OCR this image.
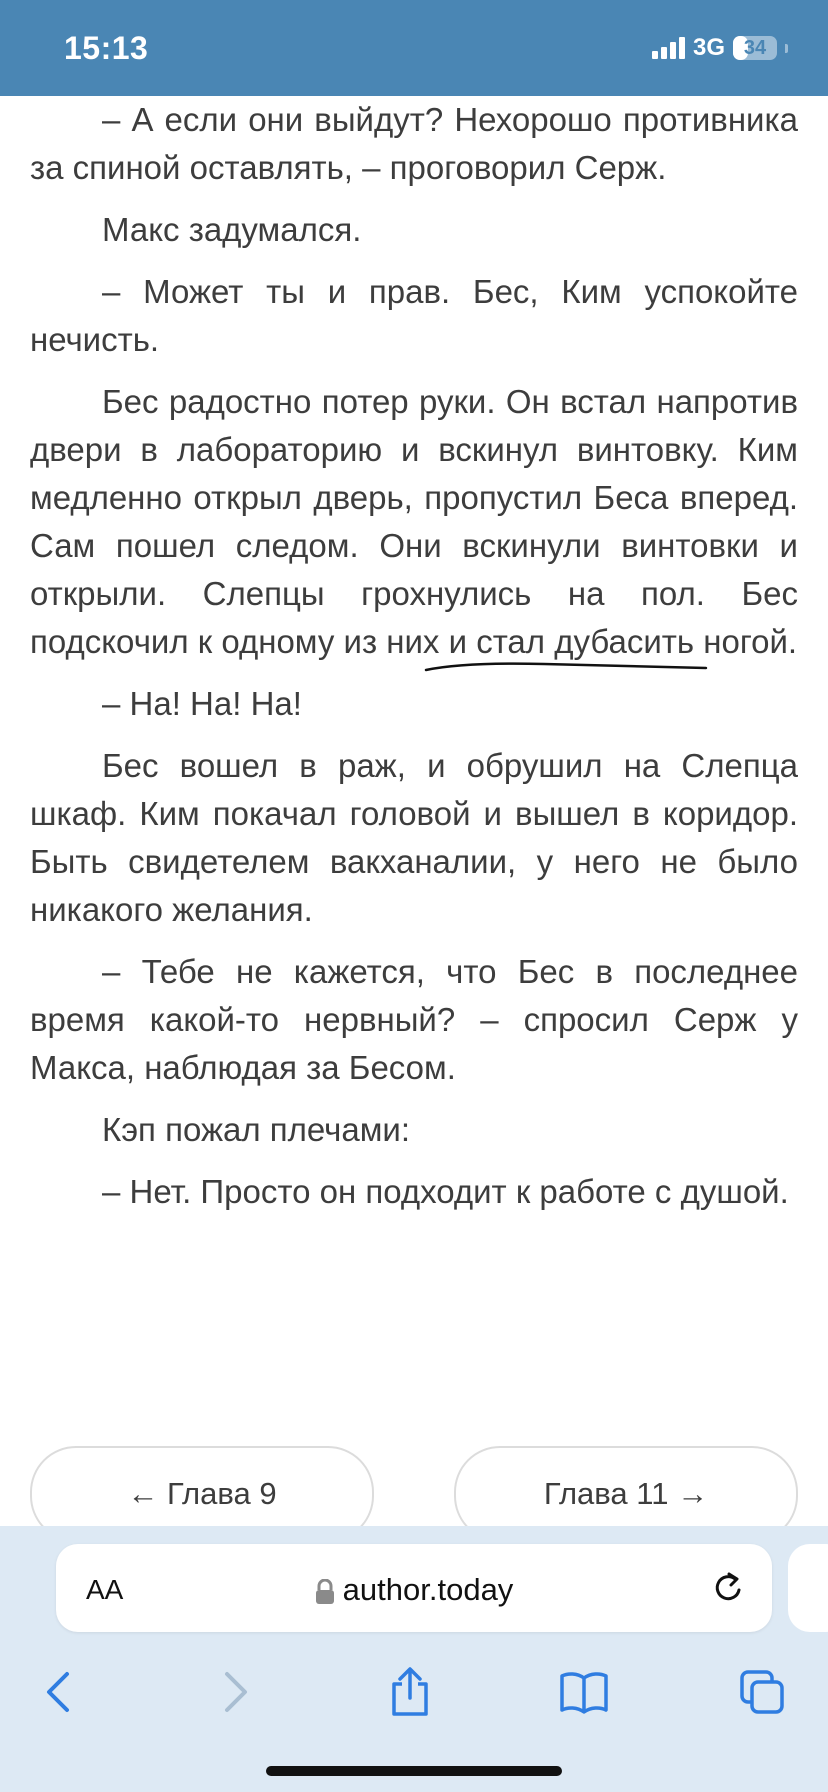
15:13	3G 34

– А если они выйдут? Нехорошо противника за спиной оставлять, – проговорил Серж.

Макс задумался.

– Может ты и прав. Бес, Ким успокойте нечисть.

Бес радостно потер руки. Он встал напротив двери в лабораторию и вскинул винтовку. Ким медленно открыл дверь, пропустил Беса вперед. Сам пошел следом. Они вскинули винтовки и открыли. Слепцы грохнулись на пол. Бес подскочил к одному из них и стал дубасить ногой.

– На! На! На!

Бес вошел в раж, и обрушил на Слепца шкаф. Ким покачал головой и вышел в коридор. Быть свидетелем вакханалии, у него не было никакого желания.

– Тебе не кажется, что Бес в последнее время какой-то нервный? – спросил Серж у Макса, наблюдая за Бесом.

Кэп пожал плечами:

– Нет. Просто он подходит к работе с душой.

← Глава 9	Глава 11 →
AA	author.today
